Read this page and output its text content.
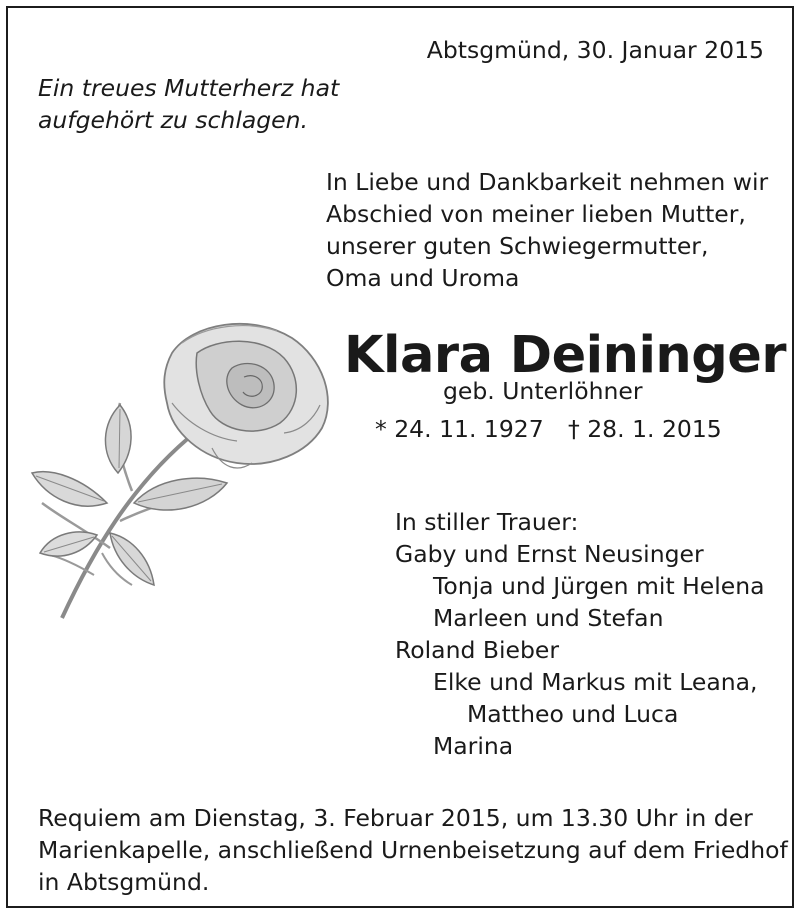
Abtsgmünd, 30. Januar 2015
Ein treues Mutterherz hat
aufgehört zu schlagen.
In Liebe und Dankbarkeit nehmen wir
Abschied von meiner lieben Mutter,
unserer guten Schwiegermutter,
Oma und Uroma
Klara Deininger
geb. Unterlöhner
* 24. 11. 1927 † 28. 1. 2015
In stiller Trauer:
Gaby und Ernst Neusinger
Tonja und Jürgen mit Helena
Marleen und Stefan
Roland Bieber
Elke und Markus mit Leana,
Mattheo und Luca
Marina
Requiem am Dienstag, 3. Februar 2015, um 13.30 Uhr in der
Marienkapelle, anschließend Urnenbeisetzung auf dem Friedhof
in Abtsgmünd.
